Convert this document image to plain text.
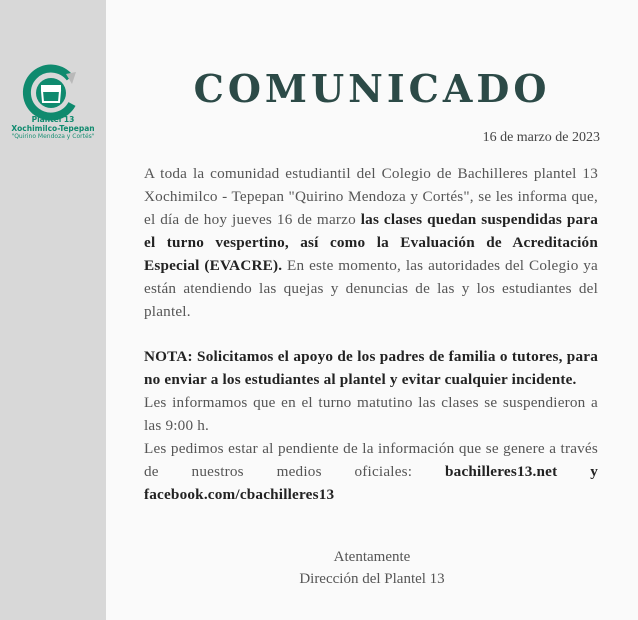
Plantel 13
Xochimilco-Tepepan
"Quirino Mendoza y Cortés"
COMUNICADO
16 de marzo de 2023

A toda la comunidad estudiantil del Colegio de Bachilleres plantel 13 Xochimilco - Tepepan "Quirino Mendoza y Cortés", se les informa que, el día de hoy jueves 16 de marzo las clases quedan suspendidas para el turno vespertino, así como la Evaluación de Acreditación Especial (EVACRE). En este momento, las autoridades del Colegio ya están atendiendo las quejas y denuncias de las y los estudiantes del plantel.

NOTA: Solicitamos el apoyo de los padres de familia o tutores, para no enviar a los estudiantes al plantel y evitar cualquier incidente.

Les informamos que en el turno matutino las clases se suspendieron a las 9:00 h.

Les pedimos estar al pendiente de la información que se genere a través de nuestros medios oficiales: bachilleres13.net y facebook.com/cbachilleres13

Atentamente
Dirección del Plantel 13
